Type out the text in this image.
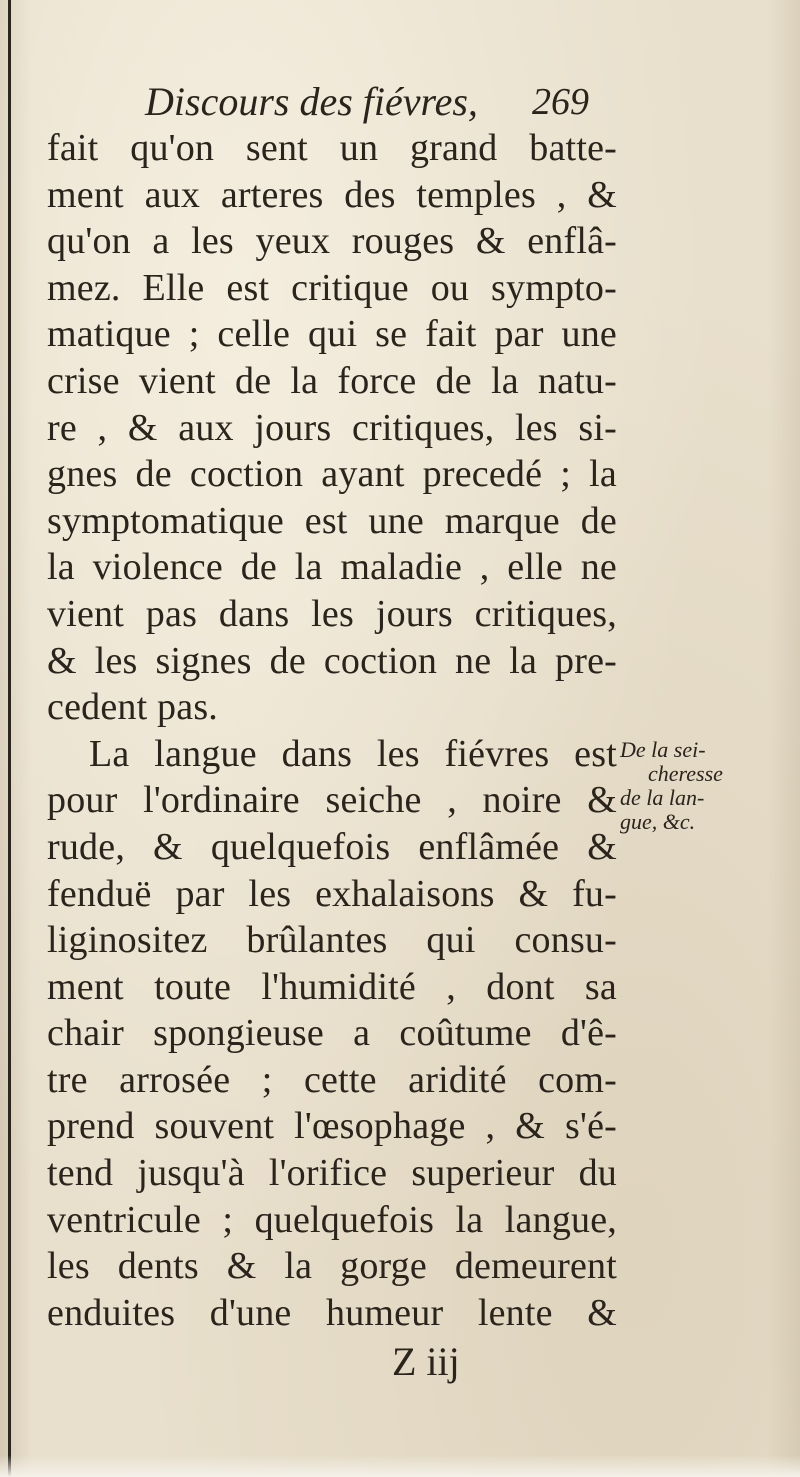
Discours des fiévres, 269
fait qu'on sent un grand batte-
ment aux arteres des temples , &
qu'on a les yeux rouges & enflâ-
mez. Elle est critique ou sympto-
matique ; celle qui se fait par une
crise vient de la force de la natu-
re , & aux jours critiques, les si-
gnes de coction ayant precedé ; la
symptomatique est une marque de
la violence de la maladie , elle ne
vient pas dans les jours critiques,
& les signes de coction ne la pre-
cedent pas.
La langue dans les fiévres est
pour l'ordinaire seiche , noire &
rude, & quelquefois enflâmée &
fenduë par les exhalaisons & fu-
liginositez brûlantes qui consu-
ment toute l'humidité , dont sa
chair spongieuse a coûtume d'ê-
tre arrosée ; cette aridité com-
prend souvent l'œsophage , & s'é-
tend jusqu'à l'orifice superieur du
ventricule ; quelquefois la langue,
les dents & la gorge demeurent
enduites d'une humeur lente &
De la sei-
cheresse
de la lan-
gue, &c.
Z iij
